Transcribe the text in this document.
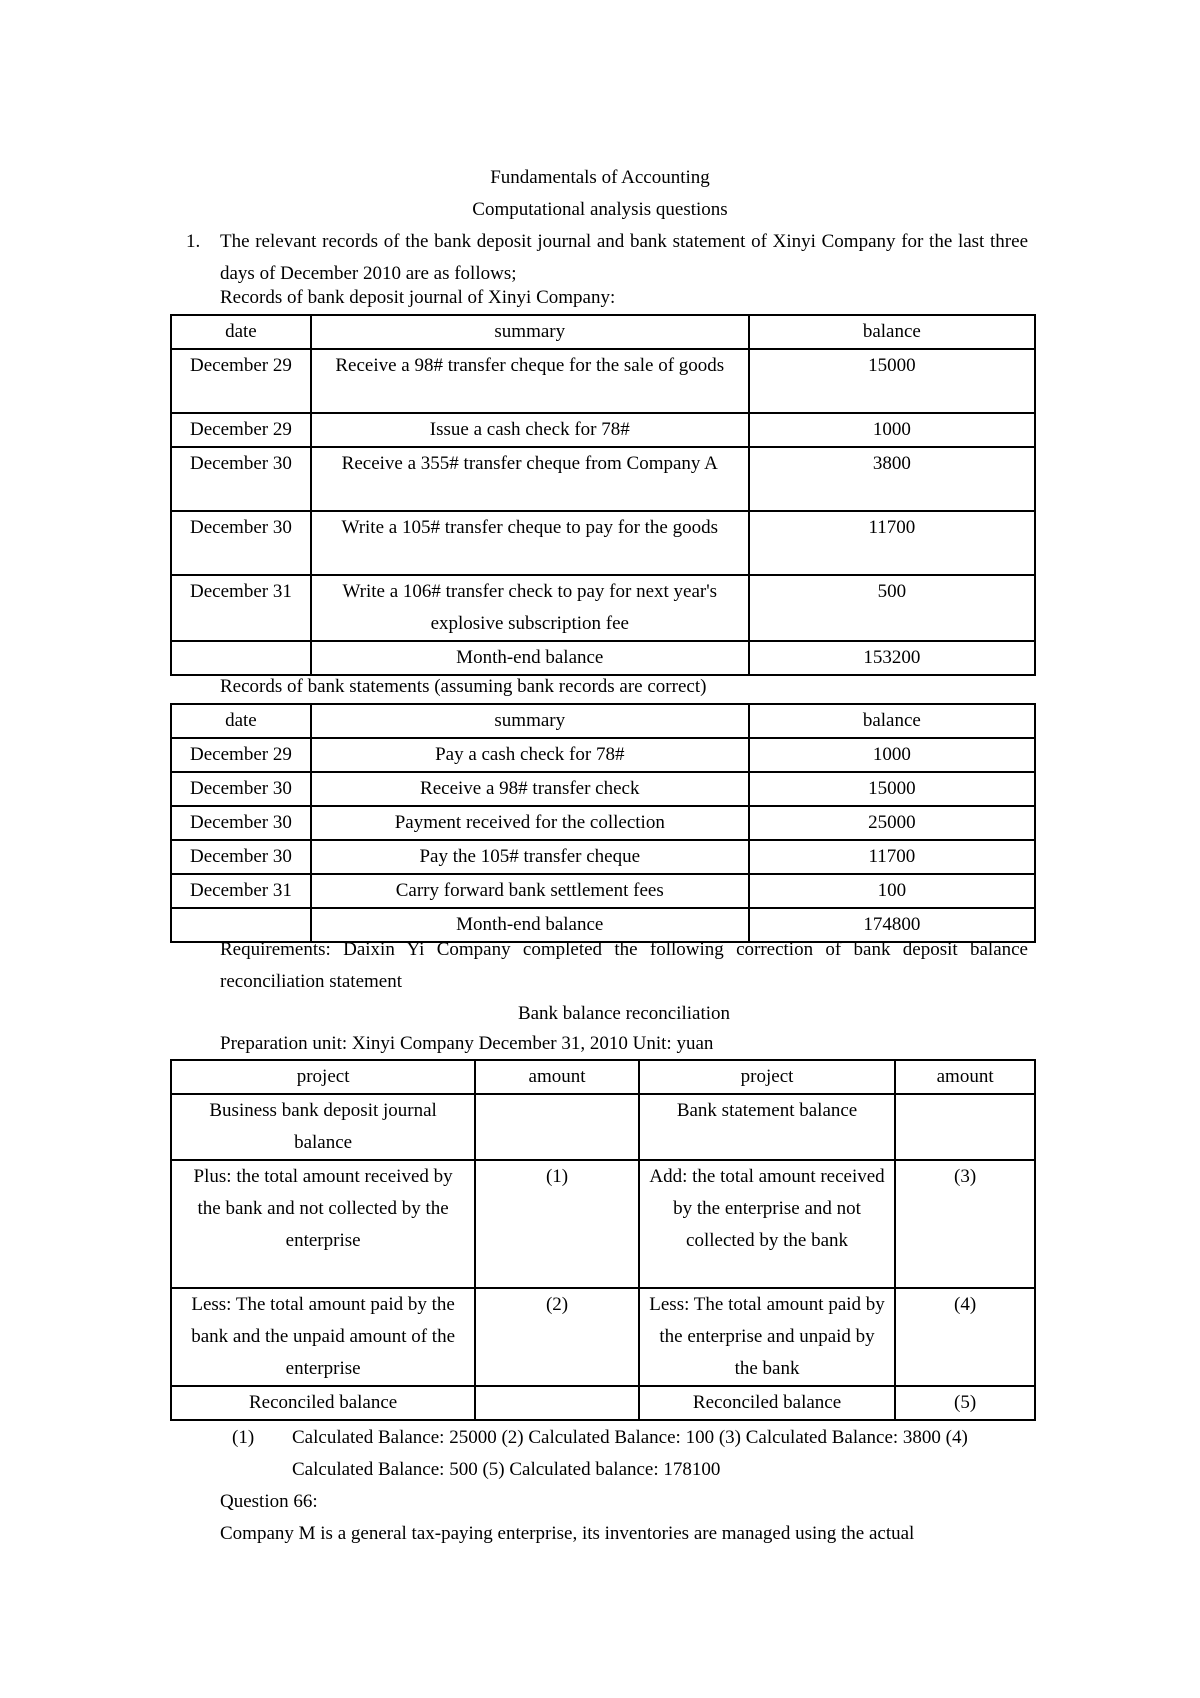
Fundamentals of Accounting
Computational analysis questions
1. The relevant records of the bank deposit journal and bank statement of Xinyi Company for the last three days of December 2010 are as follows;
Records of bank deposit journal of Xinyi Company:
date	summary	balance
December 29	Receive a 98# transfer cheque for the sale of goods	15000
December 29	Issue a cash check for 78#	1000
December 30	Receive a 355# transfer cheque from Company A	3800
December 30	Write a 105# transfer cheque to pay for the goods	11700
December 31	Write a 106# transfer check to pay for next year's explosive subscription fee	500
	Month-end balance	153200
Records of bank statements (assuming bank records are correct)
date	summary	balance
December 29	Pay a cash check for 78#	1000
December 30	Receive a 98# transfer check	15000
December 30	Payment received for the collection	25000
December 30	Pay the 105# transfer cheque	11700
December 31	Carry forward bank settlement fees	100
	Month-end balance	174800
Requirements: Daixin Yi Company completed the following correction of bank deposit balance reconciliation statement
Bank balance reconciliation
Preparation unit: Xinyi Company December 31, 2010 Unit: yuan
project	amount	project	amount
Business bank deposit journal balance		Bank statement balance	
Plus: the total amount received by the bank and not collected by the enterprise	(1)	Add: the total amount received by the enterprise and not collected by the bank	(3)
Less: The total amount paid by the bank and the unpaid amount of the enterprise	(2)	Less: The total amount paid by the enterprise and unpaid by the bank	(4)
Reconciled balance		Reconciled balance	(5)
(1) Calculated Balance: 25000 (2) Calculated Balance: 100 (3) Calculated Balance: 3800 (4) Calculated Balance: 500 (5) Calculated balance: 178100
Question 66:
Company M is a general tax-paying enterprise, its inventories are managed using the actual
